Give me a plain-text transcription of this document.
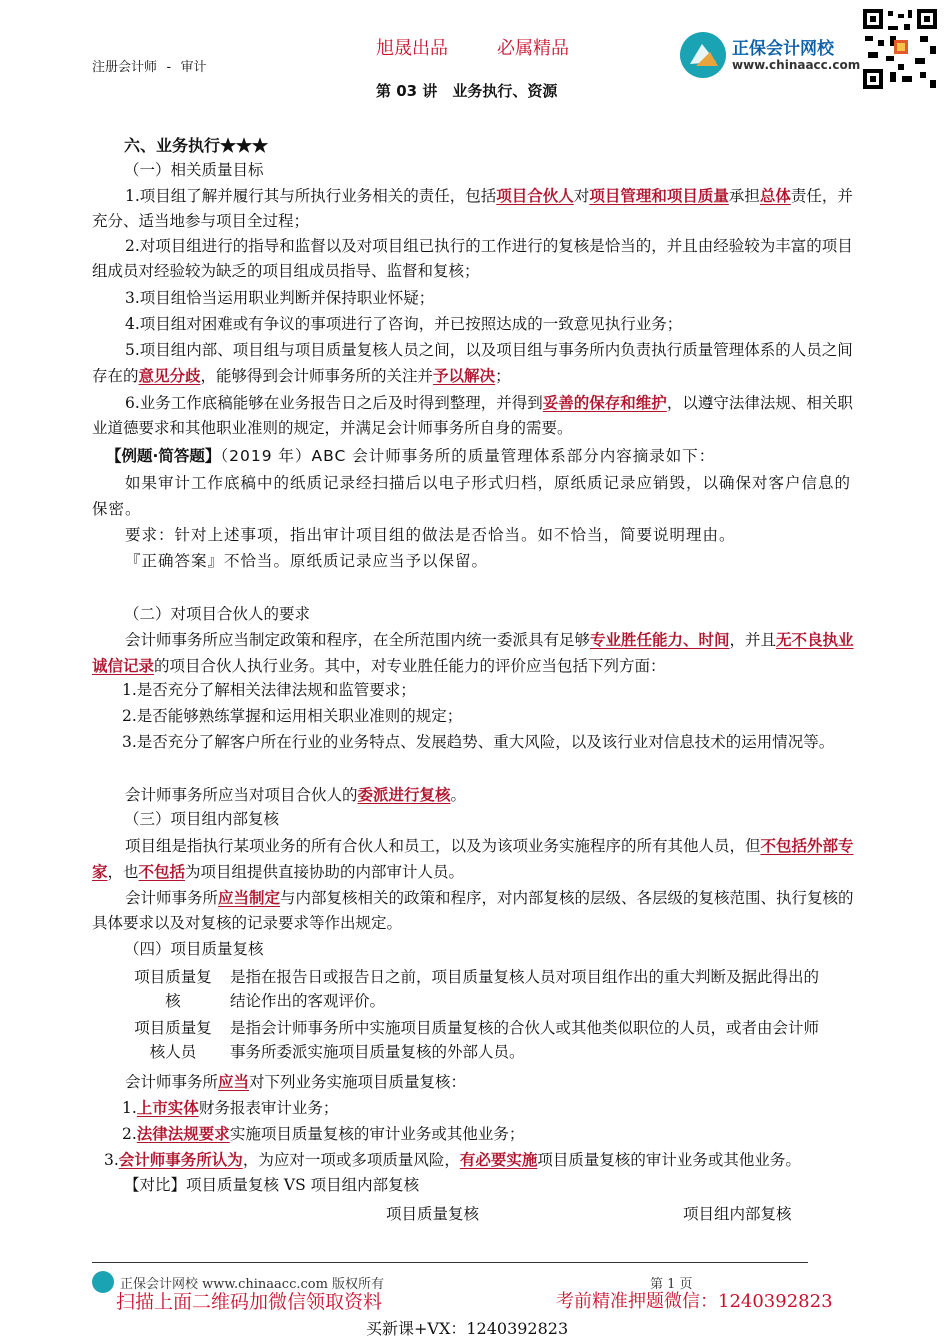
注册会计师 - 审计
旭晟出品	必属精品
第 03 讲　业务执行、资源
正保会计网校
www.chinaacc.com
六、业务执行★★★
（一）相关质量目标

1.项目组了解并履行其与所执行业务相关的责任，包括项目合伙人对项目管理和项目质量承担总体责任，并充分、适当地参与项目全过程；

2.对项目组进行的指导和监督以及对项目组已执行的工作进行的复核是恰当的，并且由经验较为丰富的项目组成员对经验较为缺乏的项目组成员指导、监督和复核；

3.项目组恰当运用职业判断并保持职业怀疑；

4.项目组对困难或有争议的事项进行了咨询，并已按照达成的一致意见执行业务；

5.项目组内部、项目组与项目质量复核人员之间，以及项目组与事务所内负责执行质量管理体系的人员之间存在的意见分歧，能够得到会计师事务所的关注并予以解决；

6.业务工作底稿能够在业务报告日之后及时得到整理，并得到妥善的保存和维护，以遵守法律法规、相关职业道德要求和其他职业准则的规定，并满足会计师事务所自身的需要。

【例题·简答题】（2019 年）ABC 会计师事务所的质量管理体系部分内容摘录如下：

如果审计工作底稿中的纸质记录经扫描后以电子形式归档，原纸质记录应销毁，以确保对客户信息的保密。

要求：针对上述事项，指出审计项目组的做法是否恰当。如不恰当，简要说明理由。

『正确答案』不恰当。原纸质记录应当予以保留。

（二）对项目合伙人的要求

会计师事务所应当制定政策和程序，在全所范围内统一委派具有足够专业胜任能力、时间，并且无不良执业诚信记录的项目合伙人执行业务。其中，对专业胜任能力的评价应当包括下列方面：

1.是否充分了解相关法律法规和监管要求；

2.是否能够熟练掌握和运用相关职业准则的规定；

3.是否充分了解客户所在行业的业务特点、发展趋势、重大风险，以及该行业对信息技术的运用情况等。

会计师事务所应当对项目合伙人的委派进行复核。

（三）项目组内部复核

项目组是指执行某项业务的所有合伙人和员工，以及为该项业务实施程序的所有其他人员，但不包括外部专家，也不包括为项目组提供直接协助的内部审计人员。

会计师事务所应当制定与内部复核相关的政策和程序，对内部复核的层级、各层级的复核范围、执行复核的具体要求以及对复核的记录要求等作出规定。

（四）项目质量复核
项目质量复核
是指在报告日或报告日之前，项目质量复核人员对项目组作出的重大判断及据此得出的结论作出的客观评价。
项目质量复核人员
是指会计师事务所中实施项目质量复核的合伙人或其他类似职位的人员，或者由会计师事务所委派实施项目质量复核的外部人员。

会计师事务所应当对下列业务实施项目质量复核：

1.上市实体财务报表审计业务；

2.法律法规要求实施项目质量复核的审计业务或其他业务；

3.会计师事务所认为，为应对一项或多项质量风险，有必要实施项目质量复核的审计业务或其他业务。

【对比】项目质量复核 VS 项目组内部复核
项目质量复核	项目组内部复核
正保会计网校 www.chinaacc.com 版权所有	第 1 页
扫描上面二维码加微信领取资料	考前精准押题微信：1240392823
买新课+VX：1240392823
